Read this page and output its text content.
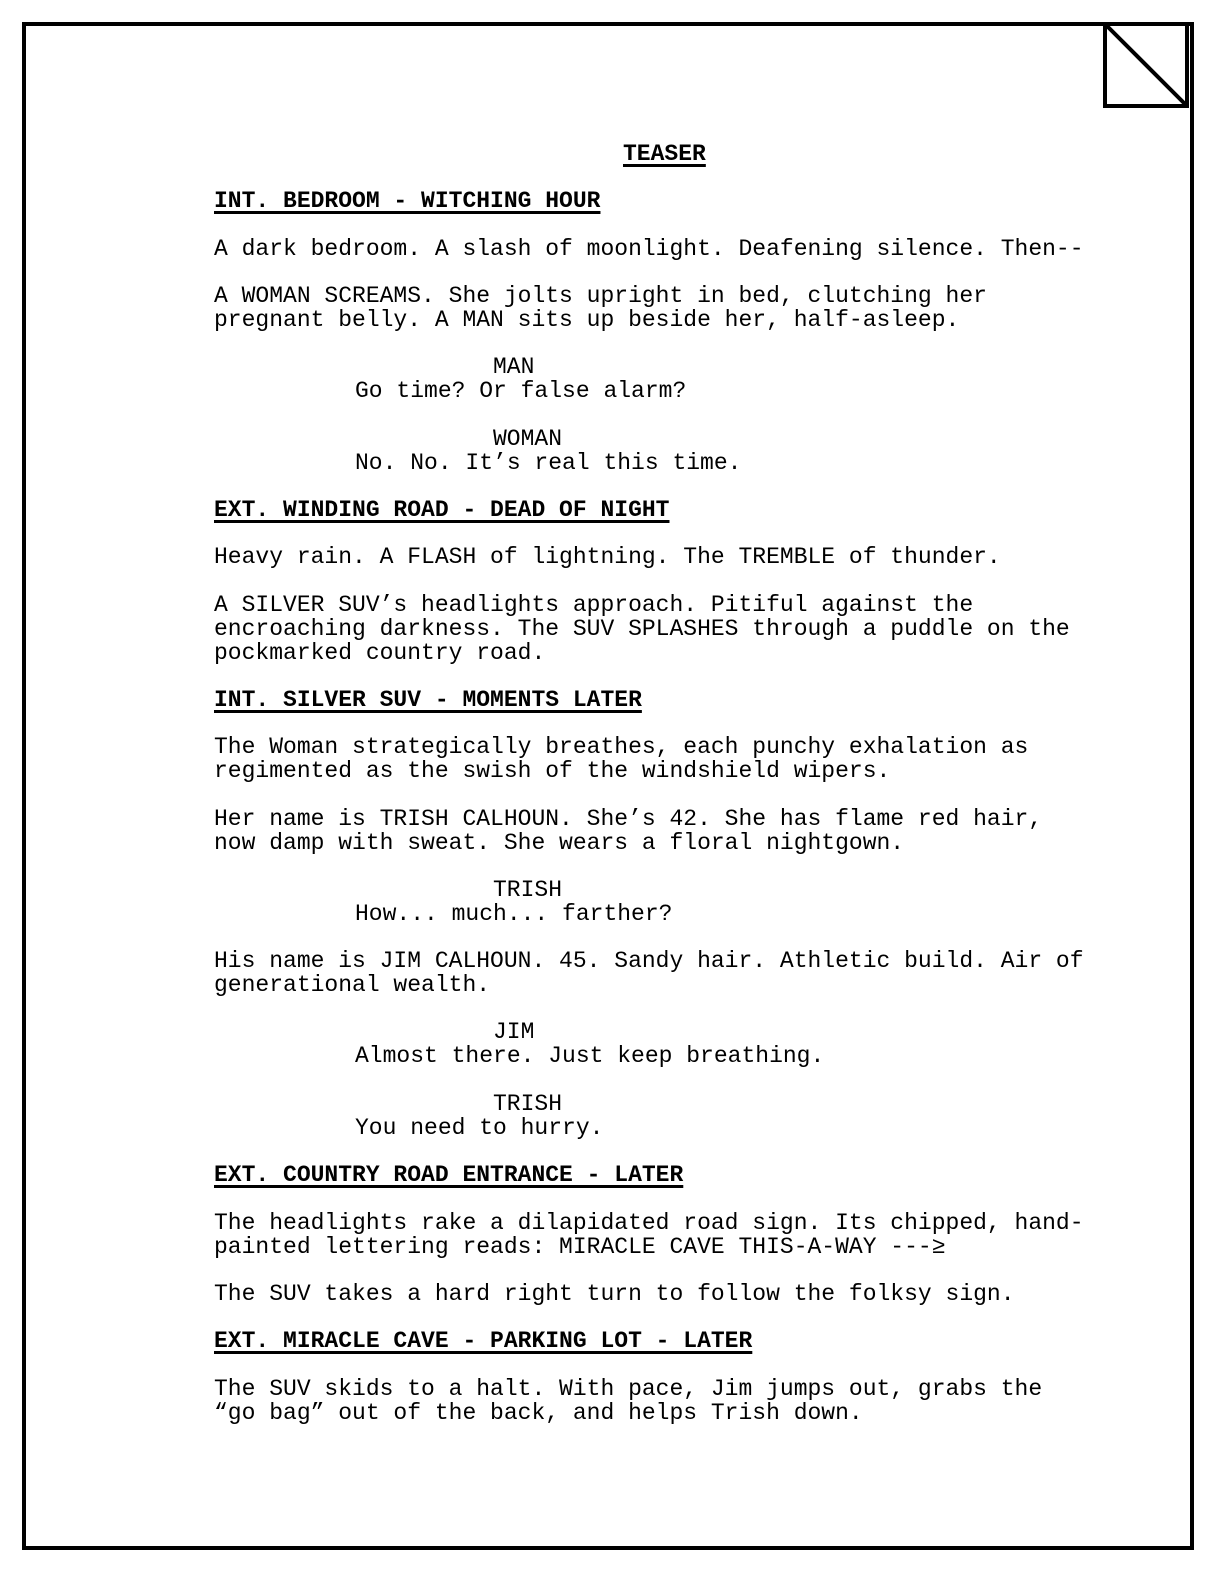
TEASER
INT. BEDROOM - WITCHING HOUR
A dark bedroom. A slash of moonlight. Deafening silence. Then--
A WOMAN SCREAMS. She jolts upright in bed, clutching her
pregnant belly. A MAN sits up beside her, half-asleep.
MAN
Go time? Or false alarm?
WOMAN
No. No. It’s real this time.
EXT. WINDING ROAD - DEAD OF NIGHT
Heavy rain. A FLASH of lightning. The TREMBLE of thunder.
A SILVER SUV’s headlights approach. Pitiful against the
encroaching darkness. The SUV SPLASHES through a puddle on the
pockmarked country road.
INT. SILVER SUV - MOMENTS LATER
The Woman strategically breathes, each punchy exhalation as
regimented as the swish of the windshield wipers.
Her name is TRISH CALHOUN. She’s 42. She has flame red hair,
now damp with sweat. She wears a floral nightgown.
TRISH
How... much... farther?
His name is JIM CALHOUN. 45. Sandy hair. Athletic build. Air of
generational wealth.
JIM
Almost there. Just keep breathing.
TRISH
You need to hurry.
EXT. COUNTRY ROAD ENTRANCE - LATER
The headlights rake a dilapidated road sign. Its chipped, hand-
painted lettering reads: MIRACLE CAVE THIS-A-WAY ---≥
The SUV takes a hard right turn to follow the folksy sign.
EXT. MIRACLE CAVE - PARKING LOT - LATER
The SUV skids to a halt. With pace, Jim jumps out, grabs the
“go bag” out of the back, and helps Trish down.
